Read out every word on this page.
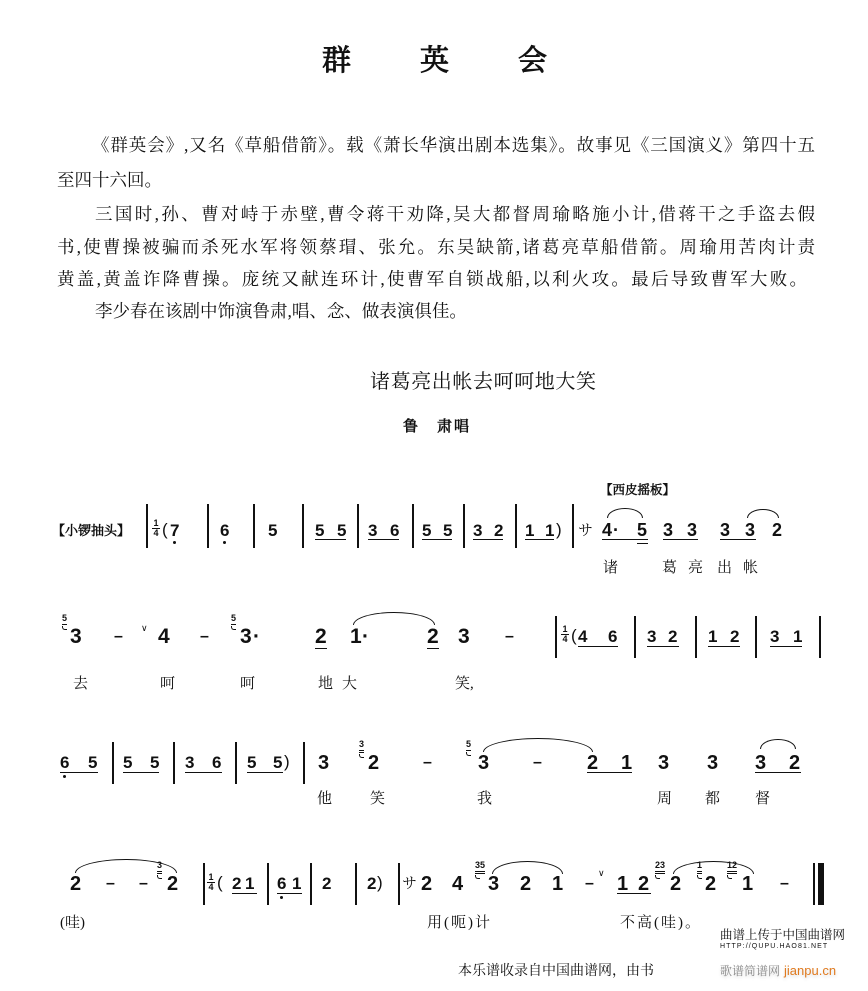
群 英 会
《群英会》,又名《草船借箭》。载《萧长华演出剧本选集》。故事见《三国演义》第四十五
至四十六回。
三国时,孙、曹对峙于赤壁,曹令蒋干劝降,吴大都督周瑜略施小计,借蒋干之手盗去假
书,使曹操被骗而杀死水军将领蔡瑁、张允。东吴缺箭,诸葛亮草船借箭。周瑜用苦肉计责
黄盖,黄盖诈降曹操。庞统又献连环计,使曹军自锁战船,以利火攻。最后导致曹军大败。
李少春在该剧中饰演鲁肃,唱、念、做表演俱佳。
诸葛亮出帐去呵呵地大笑
鲁　肃唱
【小锣抽头】
【西皮摇板】
1
4 ( 7 6 5 5 5 3 6 5 5 3 2 1 1 ) サ 4 · 5 3 3 3 3 2
诸	葛 亮 出 帐
5
3 – ∨ 4 –
5
3 ·	2 1 ·	2 3 –	1
4 ( 4 6 3 2 1 2 3 1
去	呵	呵	地 大	笑,
6 5 5 5 3 6 5 5 ) 3
3
2	–
5
3	– 2 1 3 3 3 2
他	笑	我	周 都 督
2 – –
3
2	1
4 ( 2 1 6 1 2 2 ) サ 2 4
35
3 2 1 –
∨ 1 2
23
2
1
2
12
1 –
(哇)	用(呃)计	不高(哇)。
曲谱上传于中国曲谱网
HTTP://QUPU.HAO81.NET
本乐谱收录自中国曲谱网，由书	歌谱简谱网 jianpu.cn
